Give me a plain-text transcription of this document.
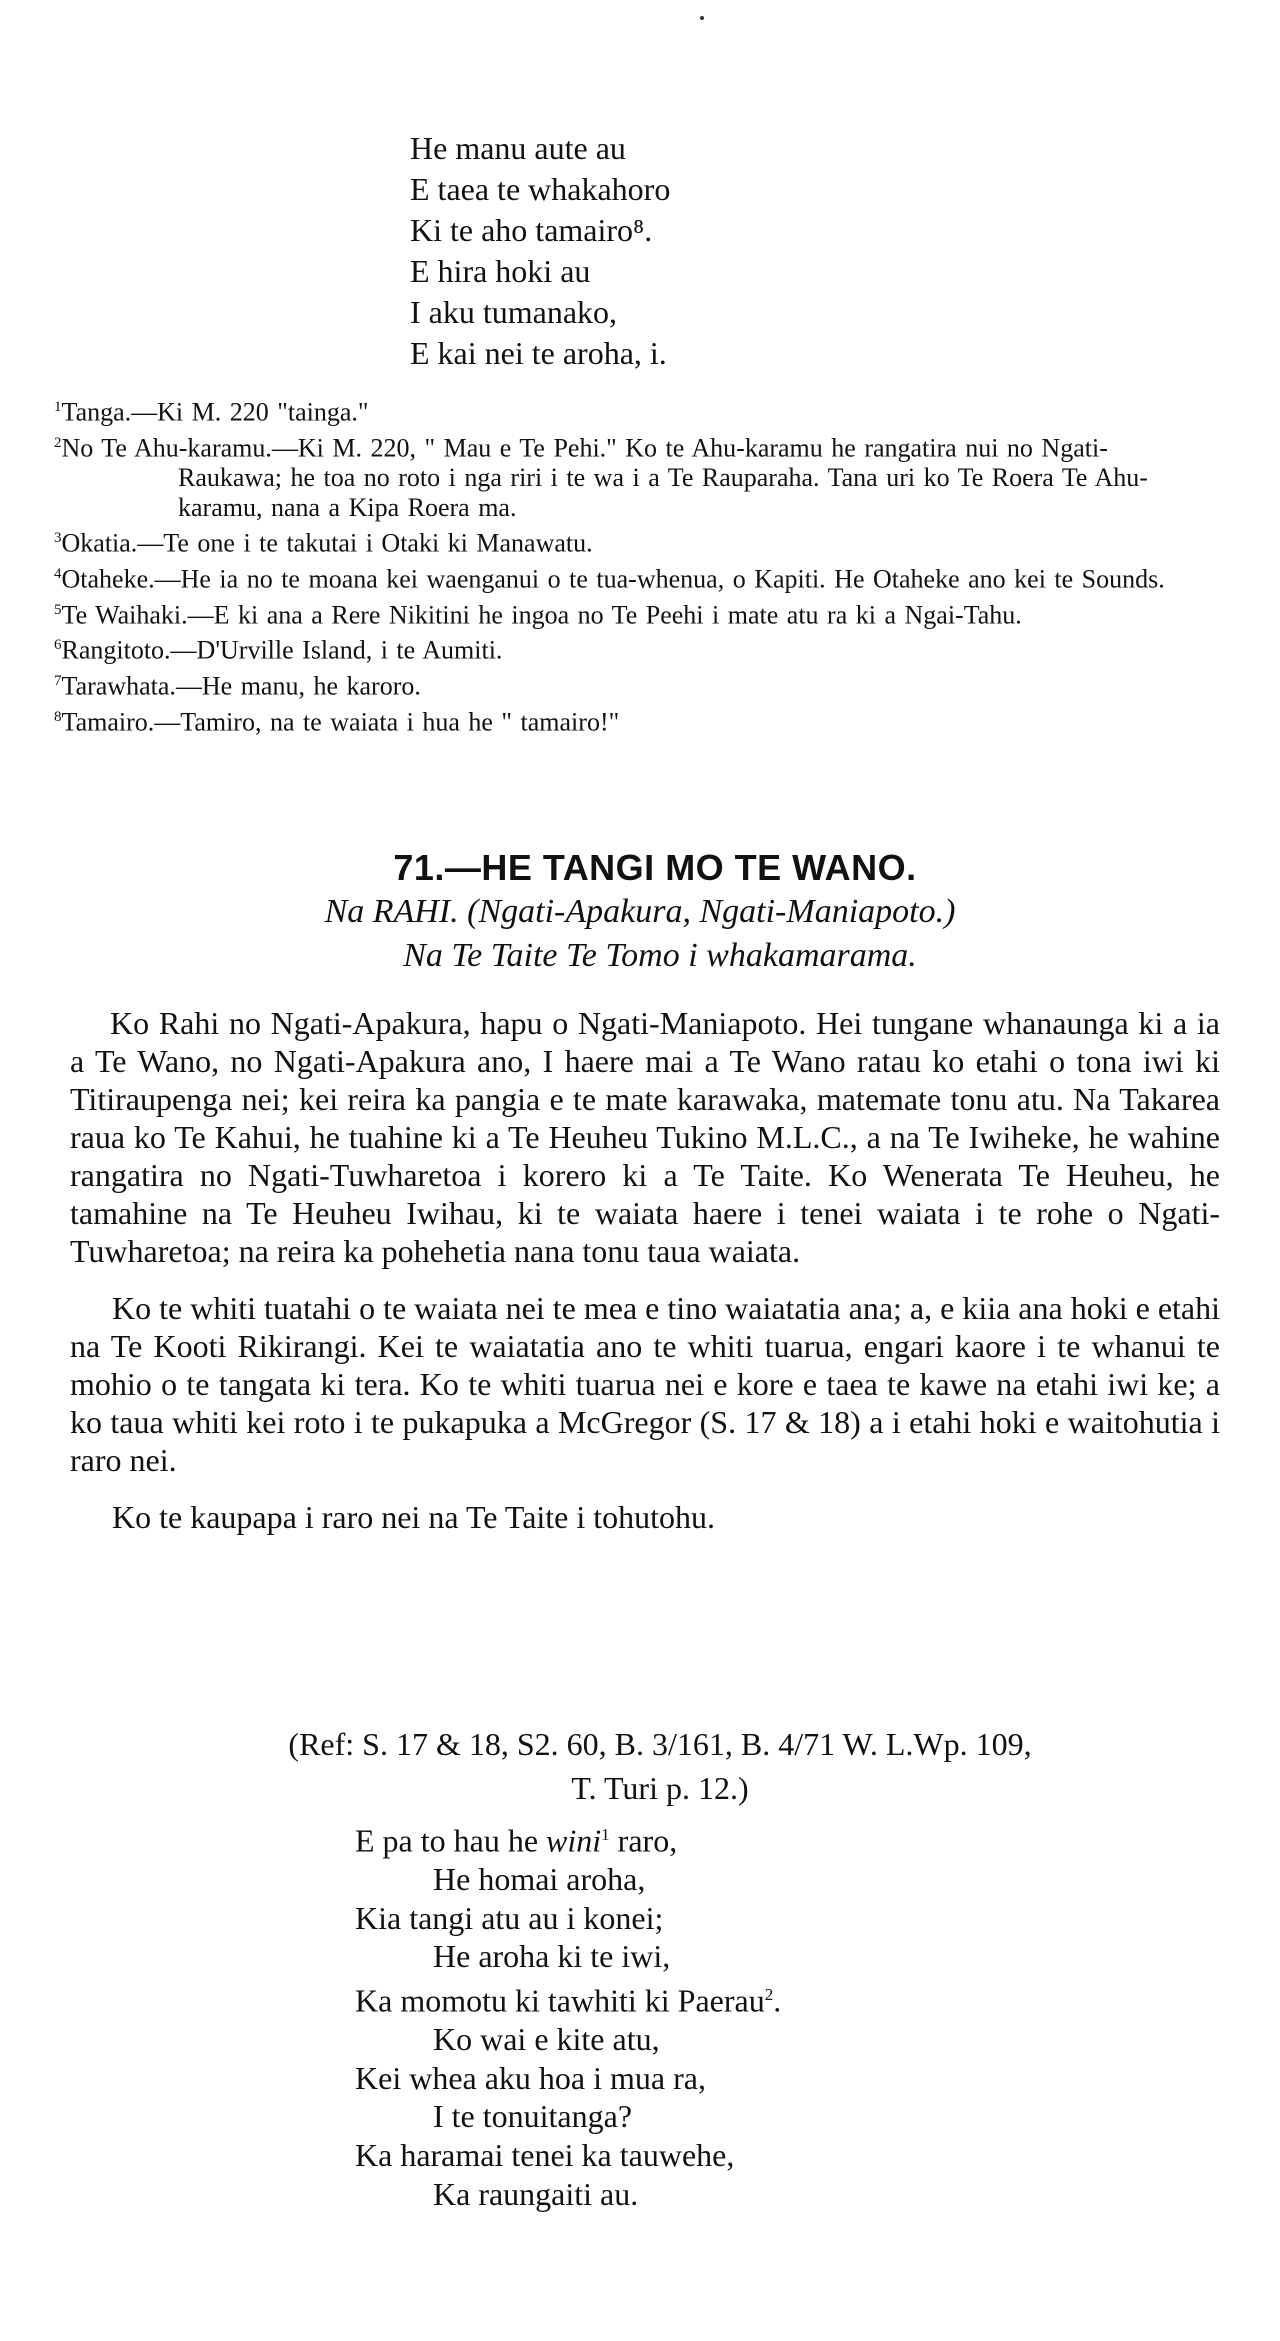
He manu aute au
E taea te whakahoro
Ki te aho tamairo⁸.
E hira hoki au
I aku tumanako,
E kai nei te aroha, i.
$^1$Tanga.—Ki M. 220 "tainga."
$^2$No Te Ahu-karamu.—Ki M. 220, " Mau e Te Pehi." Ko te Ahu-karamu he rangatira nui no Ngati-Raukawa; he toa no roto i nga riri i te wa i a Te Rauparaha. Tana uri ko Te Roera Te Ahu-karamu, nana a Kipa Roera ma.
$^3$Okatia.—Te one i te takutai i Otaki ki Manawatu.
$^4$Otaheke.—He ia no te moana kei waenganui o te tua-whenua, o Kapiti. He Otaheke ano kei te Sounds.
$^5$Te Waihaki.—E ki ana a Rere Nikitini he ingoa no Te Peehi i mate atu ra ki a Ngai-Tahu.
$^6$Rangitoto.—D'Urville Island, i te Aumiti.
$^7$Tarawhata.—He manu, he karoro.
$^8$Tamairo.—Tamiro, na te waiata i hua he " tamairo!"
71.—HE TANGI MO TE WANO.
Na RAHI. (Ngati-Apakura, Ngati-Maniapoto.)
Na Te Taite Te Tomo i whakamarama.

Ko Rahi no Ngati-Apakura, hapu o Ngati-Maniapoto. Hei tungane whanaunga ki a ia a Te Wano, no Ngati-Apakura ano, I haere mai a Te Wano ratau ko etahi o tona iwi ki Titiraupenga nei; kei reira ka pangia e te mate karawaka, matemate tonu atu. Na Takarea raua ko Te Kahui, he tuahine ki a Te Heuheu Tukino M.L.C., a na Te Iwiheke, he wahine rangatira no Ngati-Tuwharetoa i korero ki a Te Taite. Ko Wenerata Te Heuheu, he tamahine na Te Heuheu Iwihau, ki te waiata haere i tenei waiata i te rohe o Ngati-Tuwharetoa; na reira ka pohehetia nana tonu taua waiata.

Ko te whiti tuatahi o te waiata nei te mea e tino waiatatia ana; a, e kiia ana hoki e etahi na Te Kooti Rikirangi. Kei te waiatatia ano te whiti tuarua, engari kaore i te whanui te mohio o te tangata ki tera. Ko te whiti tuarua nei e kore e taea te kawe na etahi iwi ke; a ko taua whiti kei roto i te pukapuka a McGregor (S. 17 & 18) a i etahi hoki e waitohutia i raro nei.

Ko te kaupapa i raro nei na Te Taite i tohutohu.

(Ref: S. 17 & 18, S2. 60, B. 3/161, B. 4/71 W. L.Wp. 109,
T. Turi p. 12.)
E pa to hau he wini$^1$ raro,
He homai aroha,
Kia tangi atu au i konei;
He aroha ki te iwi,
Ka momotu ki tawhiti ki Paerau$^2$.
Ko wai e kite atu,
Kei whea aku hoa i mua ra,
I te tonuitanga?
Ka haramai tenei ka tauwehe,
Ka raungaiti au.
